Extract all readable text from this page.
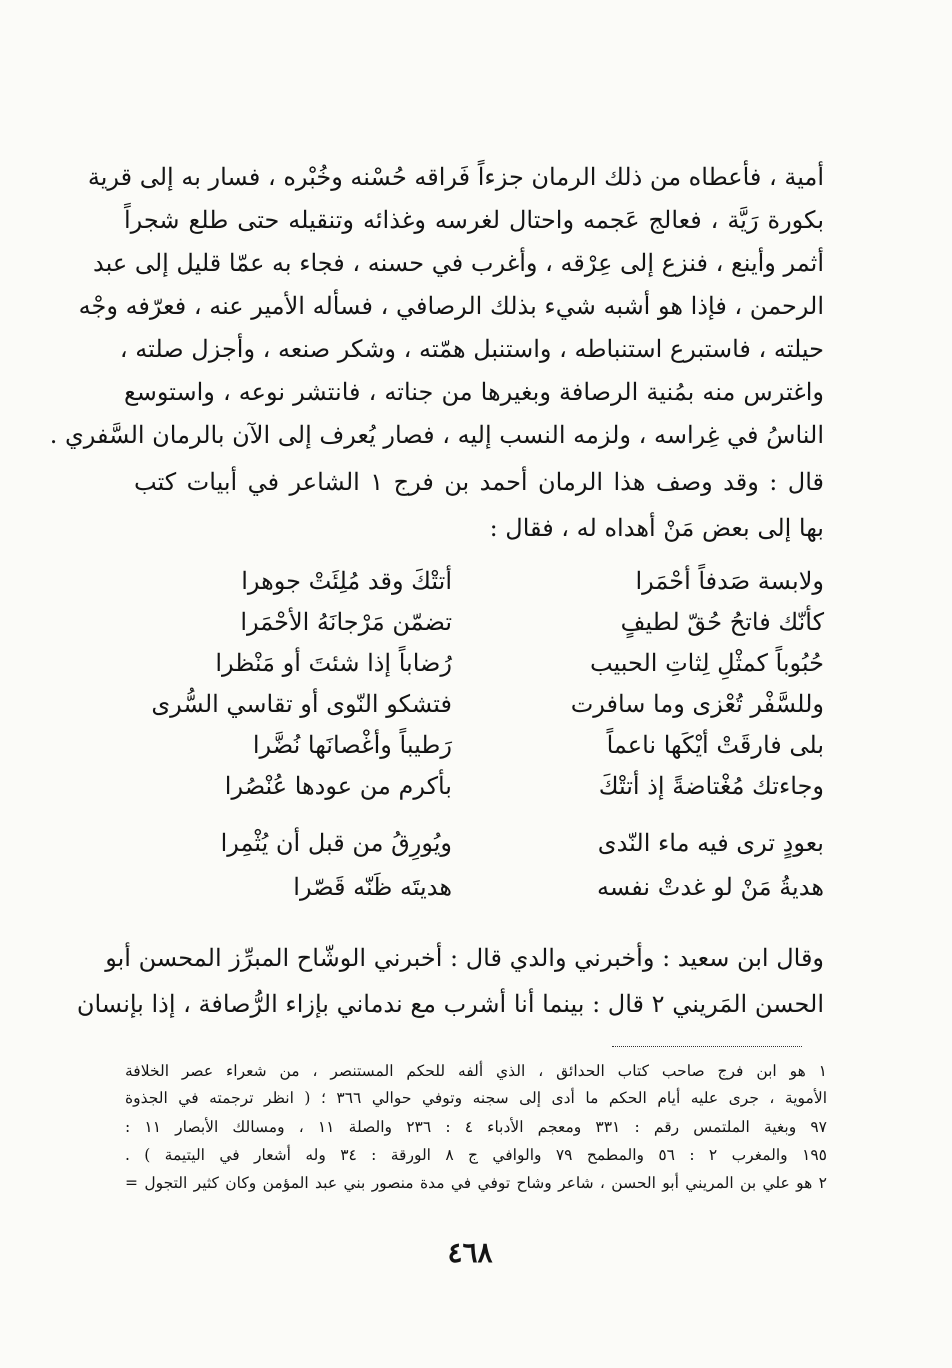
أمية ، فأعطاه من ذلك الرمان جزءاً فَراقه حُسْنه وخُبْره ، فسار به إلى قرية
بكورة رَيَّة ، فعالج عَجمه واحتال لغرسه وغذائه وتنقيله حتى طلع شجراً
أثمر وأينع ، فنزع إلى عِرْقه ، وأغرب في حسنه ، فجاء به عمّا قليل إلى عبد
الرحمن ، فإذا هو أشبه شيء بذلك الرصافي ، فسأله الأمير عنه ، فعرّفه وجْه
حيلته ، فاستبرع استنباطه ، واستنبل همّته ، وشكر صنعه ، وأجزل صلته ،
واغترس منه بمُنية الرصافة وبغيرها من جناته ، فانتشر نوعه ، واستوسع
الناسُ في غِراسه ، ولزمه النسب إليه ، فصار يُعرف إلى الآن بالرمان السَّفري .
قال : وقد وصف هذا الرمان أحمد بن فرج ١ الشاعر في أبيات كتب
بها إلى بعض مَنْ أهداه له ، فقال :
ولابسة صَدفاً أحْمَرا
أتتْكَ وقد مُلِئَتْ جوهرا
كأنّك فاتحُ حُقّ لطيفٍ
تضمّن مَرْجانَهُ الأحْمَرا
حُبُوباً كمثْلِ لِثاتِ الحبيب
رُضاباً إذا شئتَ أو مَنْظرا
وللسَّفْر تُعْزى وما سافرت
فتشكو النّوى أو تقاسي السُّرى
بلى فارقَتْ أيْكَها ناعماً
رَطيباً وأغْصانَها نُضَّرا
وجاءتك مُغْتاضةً إذ أتتْكَ
بأكرم من عودها عُنْصُرا
بعودٍ ترى فيه ماء النّدى
ويُورِقُ من قبل أن يُثْمِرا
هديةُ مَنْ لو غدتْ نفسه
هديتَه ظَنّه قَصّرا
وقال ابن سعيد : وأخبرني والدي قال : أخبرني الوشّاح المبرِّز المحسن أبو
الحسن المَريني ٢ قال : بينما أنا أشرب مع ندماني بإزاء الرُّصافة ، إذا بإنسان
١ هو ابن فرج صاحب كتاب الحدائق ، الذي ألفه للحكم المستنصر ، من شعراء عصر الخلافة
الأموية ، جرى عليه أيام الحكم ما أدى إلى سجنه وتوفي حوالي ٣٦٦ ؛ ( انظر ترجمته في الجذوة
٩٧ وبغية الملتمس رقم : ٣٣١ ومعجم الأدباء ٤ : ٢٣٦ والصلة ١١ ، ومسالك الأبصار ١١ :
١٩٥ والمغرب ٢ : ٥٦ والمطمح ٧٩ والوافي ج ٨ الورقة : ٣٤ وله أشعار في اليتيمة ) .
٢ هو علي بن المريني أبو الحسن ، شاعر وشاح توفي في مدة منصور بني عبد المؤمن وكان كثير التجول =
٤٦٨
